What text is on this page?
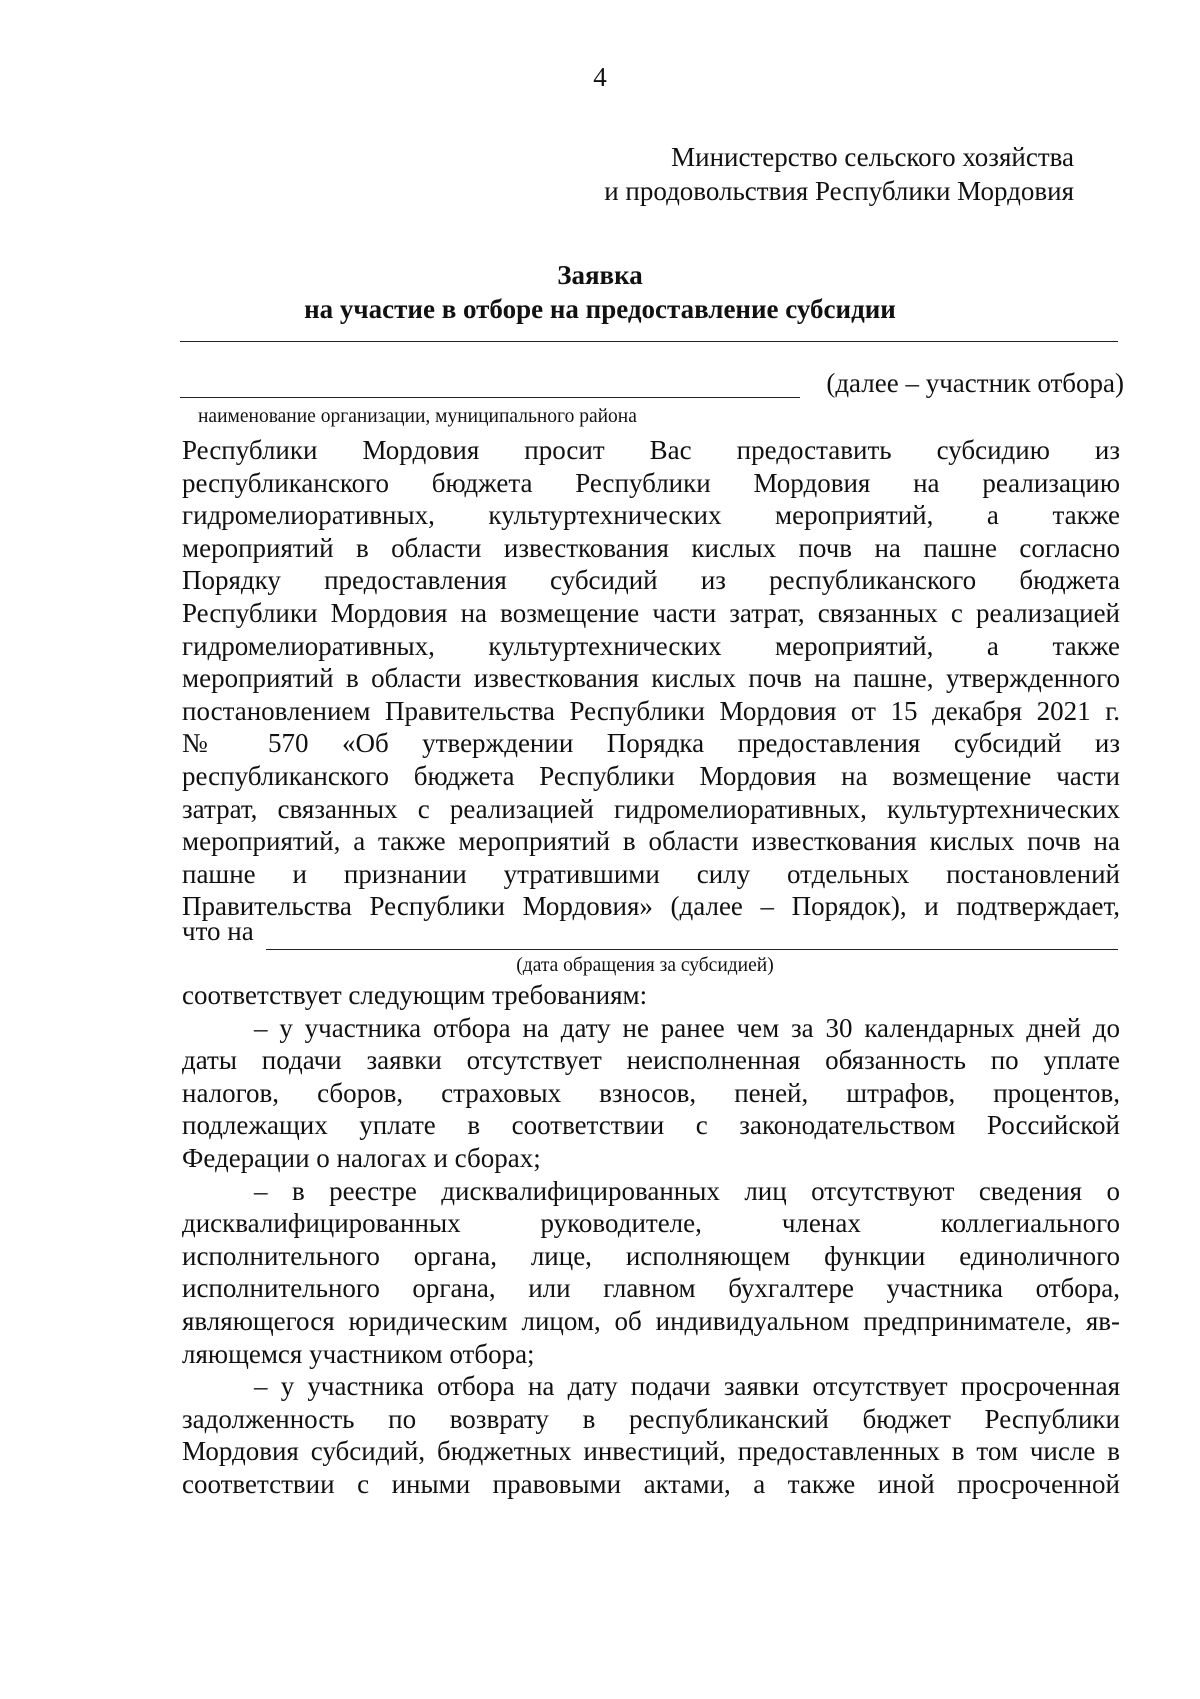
4
Министерство сельского хозяйства
и продовольствия Республики Мордовия
Заявка
на участие в отборе на предоставление субсидии
(далее – участник отбора)
наименование организации, муниципального района
Республики Мордовия просит Вас предоставить субсидию из
республиканского бюджета Республики Мордовия на реализацию
гидромелиоративных, культуртехнических мероприятий, а также
мероприятий в области известкования кислых почв на пашне согласно
Порядку предоставления субсидий из республиканского бюджета
Республики Мордовия на возмещение части затрат, связанных с реализацией
гидромелиоративных, культуртехнических мероприятий, а также
мероприятий в области известкования кислых почв на пашне, утвержденного
постановлением Правительства Республики Мордовия от 15 декабря 2021 г.
№ 570 «Об утверждении Порядка предоставления субсидий из
республиканского бюджета Республики Мордовия на возмещение части
затрат, связанных с реализацией гидромелиоративных, культуртехнических
мероприятий, а также мероприятий в области известкования кислых почв на
пашне и признании утратившими силу отдельных постановлений
Правительства Республики Мордовия» (далее – Порядок), и подтверждает,
что на
(дата обращения за субсидией)
соответствует следующим требованиям:
– у участника отбора на дату не ранее чем за 30 календарных дней до
даты подачи заявки отсутствует неисполненная обязанность по уплате
налогов, сборов, страховых взносов, пеней, штрафов, процентов,
подлежащих уплате в соответствии с законодательством Российской
Федерации о налогах и сборах;
– в реестре дисквалифицированных лиц отсутствуют сведения о
дисквалифицированных руководителе, членах коллегиального
исполнительного органа, лице, исполняющем функции единоличного
исполнительного органа, или главном бухгалтере участника отбора,
являющегося юридическим лицом, об индивидуальном предпринимателе, яв-
ляющемся участником отбора;
– у участника отбора на дату подачи заявки отсутствует просроченная
задолженность по возврату в республиканский бюджет Республики
Мордовия субсидий, бюджетных инвестиций, предоставленных в том числе в
соответствии с иными правовыми актами, а также иной просроченной
